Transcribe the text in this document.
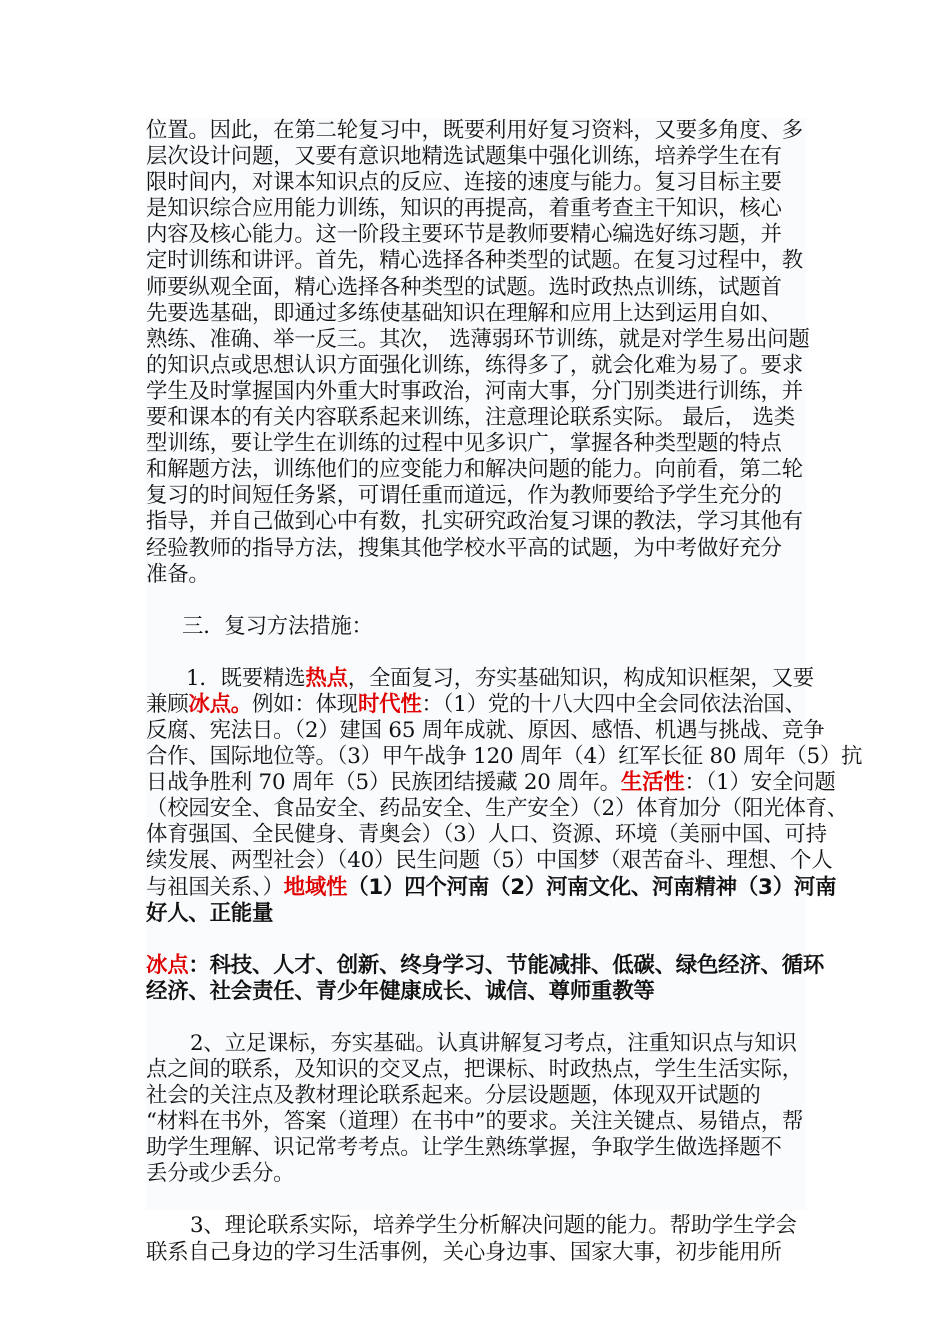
位置。因此，在第二轮复习中，既要利用好复习资料，又要多角度、多

层次设计问题，又要有意识地精选试题集中强化训练，培养学生在有

限时间内，对课本知识点的反应、连接的速度与能力。复习目标主要

是知识综合应用能力训练，知识的再提高，着重考查主干知识，核心

内容及核心能力。这一阶段主要环节是教师要精心编选好练习题，并

定时训练和讲评。首先，精心选择各种类型的试题。在复习过程中，教

师要纵观全面，精心选择各种类型的试题。选时政热点训练，试题首

先要选基础，即通过多练使基础知识在理解和应用上达到运用自如、

熟练、准确、举一反三。其次， 选薄弱环节训练，就是对学生易出问题

的知识点或思想认识方面强化训练，练得多了，就会化难为易了。要求

学生及时掌握国内外重大时事政治，河南大事，分门别类进行训练，并

要和课本的有关内容联系起来训练，注意理论联系实际。 最后， 选类

型训练，要让学生在训练的过程中见多识广，掌握各种类型题的特点

和解题方法，训练他们的应变能力和解决问题的能力。向前看，第二轮

复习的时间短任务紧，可谓任重而道远，作为教师要给予学生充分的

指导，并自己做到心中有数，扎实研究政治复习课的教法，学习其他有

经验教师的指导方法，搜集其他学校水平高的试题，为中考做好充分

准备。

三．复习方法措施：

1．既要精选热点，全面复习，夯实基础知识，构成知识框架，又要

兼顾冰点。例如：体现时代性：（1）党的十八大四中全会同依法治国、

反腐、宪法日。（2）建国 65 周年成就、原因、感悟、机遇与挑战、竞争

合作、国际地位等。（3）甲午战争 120 周年（4）红军长征 80 周年（5）抗

日战争胜利 70 周年（5）民族团结援藏 20 周年。生活性：（1）安全问题

（校园安全、食品安全、药品安全、生产安全）（2）体育加分（阳光体育、

体育强国、全民健身、青奥会）（3）人口、资源、环境（美丽中国、可持

续发展、两型社会）（40）民生问题（5）中国梦（艰苦奋斗、理想、个人

与祖国关系、）地域性（1）四个河南（2）河南文化、河南精神（3）河南

好人、正能量

冰点：科技、人才、创新、终身学习、节能减排、低碳、绿色经济、循环

经济、社会责任、青少年健康成长、诚信、尊师重教等

2、立足课标，夯实基础。认真讲解复习考点，注重知识点与知识

点之间的联系，及知识的交叉点，把课标、时政热点，学生生活实际，

社会的关注点及教材理论联系起来。分层设题题，体现双开试题的

“材料在书外，答案（道理）在书中”的要求。关注关键点、易错点，帮

助学生理解、识记常考考点。让学生熟练掌握，争取学生做选择题不

丢分或少丢分。

3、理论联系实际，培养学生分析解决问题的能力。帮助学生学会

联系自己身边的学习生活事例，关心身边事、国家大事，初步能用所
